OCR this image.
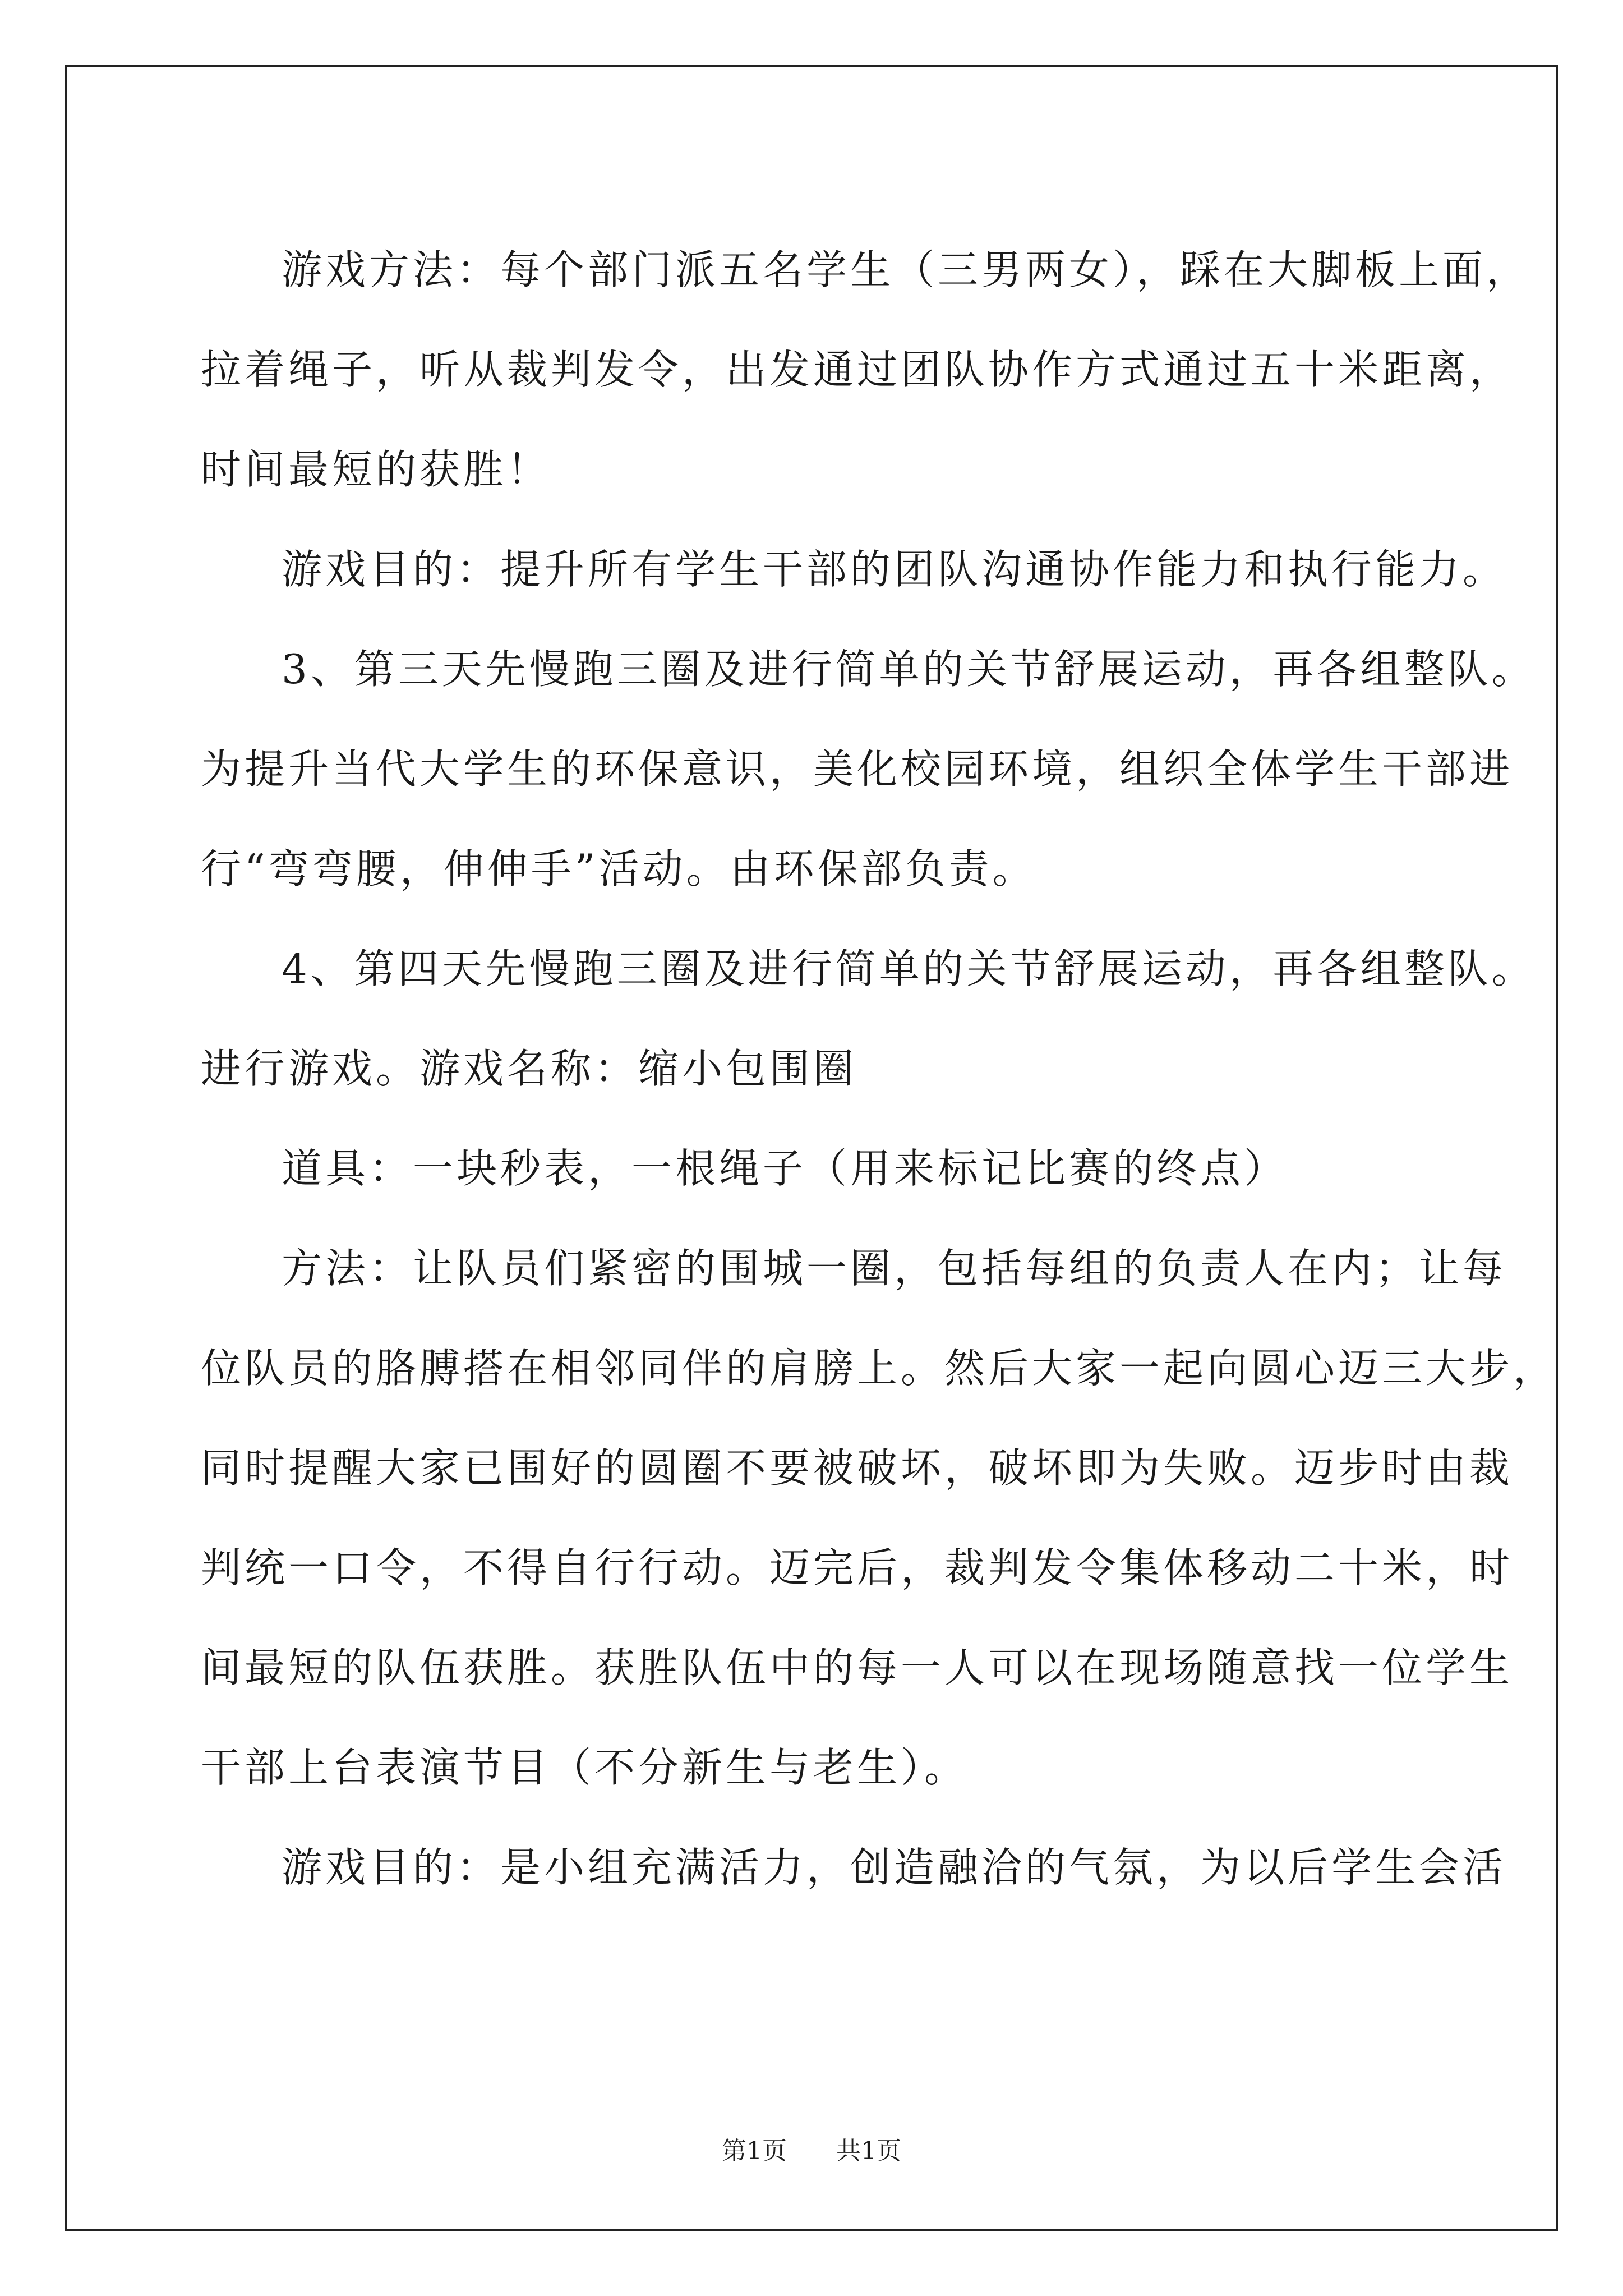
游戏方法：每个部门派五名学生（三男两女），踩在大脚板上面，
拉着绳子，听从裁判发令，出发通过团队协作方式通过五十米距离，
时间最短的获胜！
游戏目的：提升所有学生干部的团队沟通协作能力和执行能力。
3、第三天先慢跑三圈及进行简单的关节舒展运动，再各组整队。
为提升当代大学生的环保意识，美化校园环境，组织全体学生干部进
行“弯弯腰，伸伸手”活动。由环保部负责。
4、第四天先慢跑三圈及进行简单的关节舒展运动，再各组整队。
进行游戏。游戏名称：缩小包围圈
道具：一块秒表，一根绳子（用来标记比赛的终点）
方法：让队员们紧密的围城一圈，包括每组的负责人在内；让每
位队员的胳膊搭在相邻同伴的肩膀上。然后大家一起向圆心迈三大步，
同时提醒大家已围好的圆圈不要被破坏，破坏即为失败。迈步时由裁
判统一口令，不得自行行动。迈完后，裁判发令集体移动二十米，时
间最短的队伍获胜。获胜队伍中的每一人可以在现场随意找一位学生
干部上台表演节目（不分新生与老生）。
游戏目的：是小组充满活力，创造融洽的气氛，为以后学生会活
第1页 共1页
